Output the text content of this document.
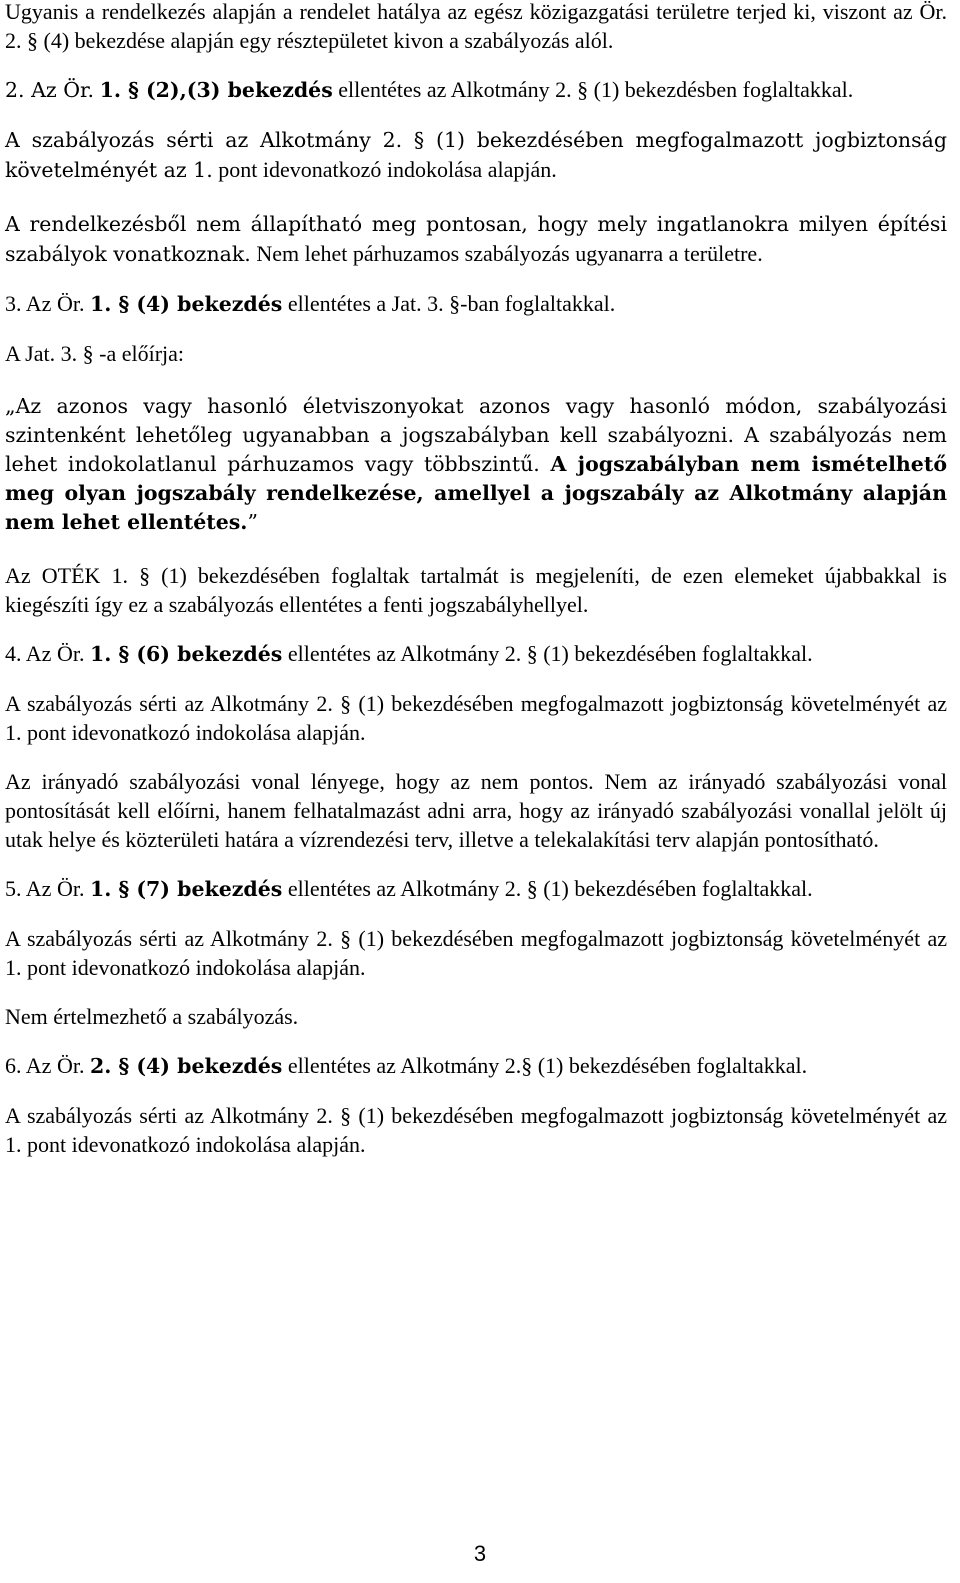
Ugyanis a rendelkezés alapján a rendelet hatálya az egész közigazgatási területre terjed ki, viszont az Ör. 2. § (4) bekezdése alapján egy résztерületet kivon a szabályozás alól.

2. Az Ör. 1. § (2),(3) bekezdés ellentétes az Alkotmány 2. § (1) bekezdésben foglaltakkal.

A szabályozás sérti az Alkotmány 2. § (1) bekezdésében megfogalmazott jogbiztonság követelményét az 1. pont idevonatkozó indokolása alapján.

A rendelkezésből nem állapítható meg pontosan, hogy mely ingatlanokra milyen építési szabályok vonatkoznak. Nem lehet párhuzamos szabályozás ugyanarra a területre.

3. Az Ör. 1. § (4) bekezdés ellentétes a Jat. 3. §-ban foglaltakkal.

A Jat. 3. § -a előírja:

„Az azonos vagy hasonló életviszonyokat azonos vagy hasonló módon, szabályozási szintenként lehetőleg ugyanabban a jogszabályban kell szabályozni. A szabályozás nem lehet indokolatlanul párhuzamos vagy többszintű. A jogszabályban nem ismételhető meg olyan jogszabály rendelkezése, amellyel a jogszabály az Alkotmány alapján nem lehet ellentétes.”

Az OTÉK 1. § (1) bekezdésében foglaltak tartalmát is megjeleníti, de ezen elemeket újabbakkal is kiegészíti így ez a szabályozás ellentétes a fenti jogszabályhellyel.

4. Az Ör. 1. § (6) bekezdés ellentétes az Alkotmány 2. § (1) bekezdésében foglaltakkal.

A szabályozás sérti az Alkotmány 2. § (1) bekezdésében megfogalmazott jogbiztonság követelményét az 1. pont idevonatkozó indokolása alapján.

Az irányadó szabályozási vonal lényege, hogy az nem pontos. Nem az irányadó szabályozási vonal pontosítását kell előírni, hanem felhatalmazást adni arra, hogy az irányadó szabályozási vonallal jelölt új utak helye és közterületi határa a vízrendezési terv, illetve a telekalakítási terv alapján pontosítható.

5. Az Ör. 1. § (7) bekezdés ellentétes az Alkotmány 2. § (1) bekezdésében foglaltakkal.

A szabályozás sérti az Alkotmány 2. § (1) bekezdésében megfogalmazott jogbiztonság követelményét az 1. pont idevonatkozó indokolása alapján.

Nem értelmezhető a szabályozás.

6. Az Ör. 2. § (4) bekezdés ellentétes az Alkotmány 2.§ (1) bekezdésében foglaltakkal.

A szabályozás sérti az Alkotmány 2. § (1) bekezdésében megfogalmazott jogbiztonság követelményét az 1. pont idevonatkozó indokolása alapján.

3
